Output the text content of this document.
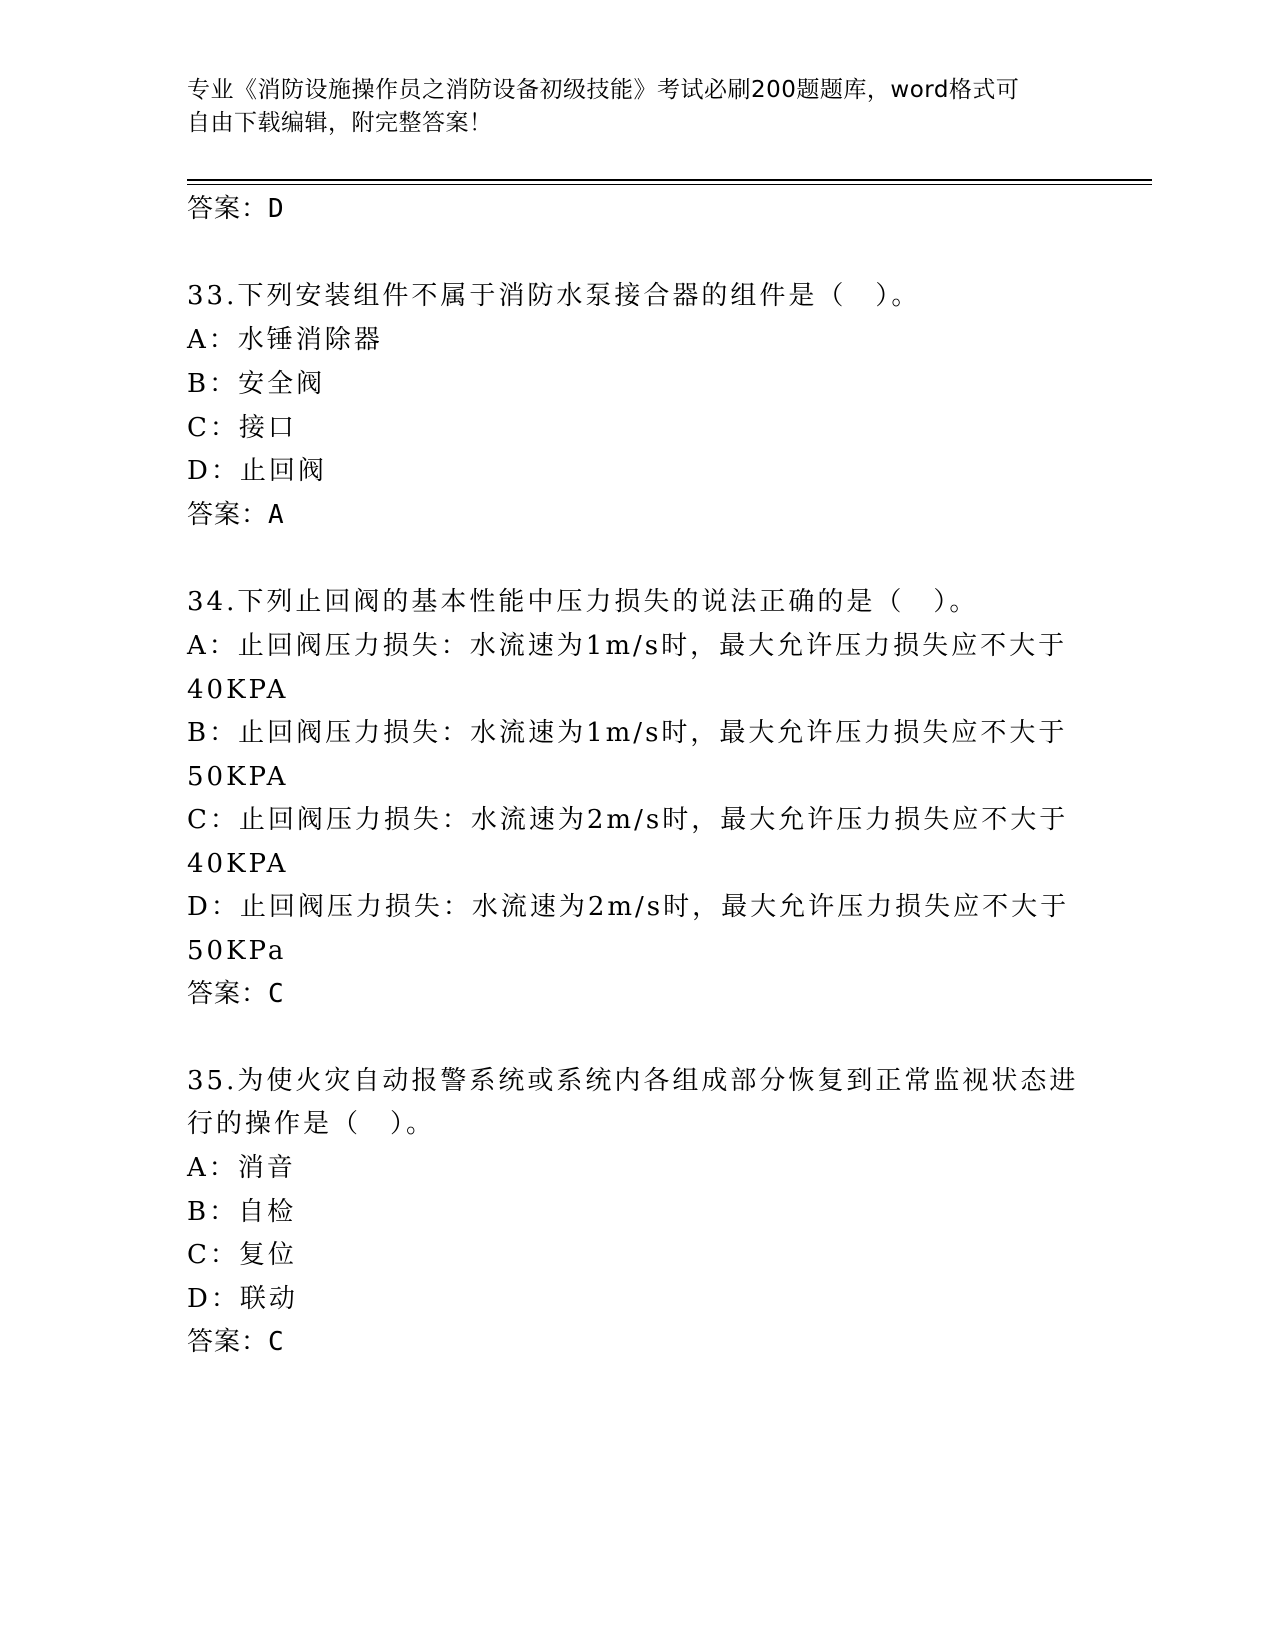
专业《消防设施操作员之消防设备初级技能》考试必刷200题题库，word格式可
自由下载编辑，附完整答案！
答案：D
33.下列安装组件不属于消防水泵接合器的组件是（　）。
A：水锤消除器
B：安全阀
C：接口
D：止回阀
答案：A
34.下列止回阀的基本性能中压力损失的说法正确的是（　）。
A：止回阀压力损失：水流速为1m/s时，最大允许压力损失应不大于
40KPA
B：止回阀压力损失：水流速为1m/s时，最大允许压力损失应不大于
50KPA
C：止回阀压力损失：水流速为2m/s时，最大允许压力损失应不大于
40KPA
D：止回阀压力损失：水流速为2m/s时，最大允许压力损失应不大于
50KPa
答案：C
35.为使火灾自动报警系统或系统内各组成部分恢复到正常监视状态进
行的操作是（　）。
A：消音
B：自检
C：复位
D：联动
答案：C
